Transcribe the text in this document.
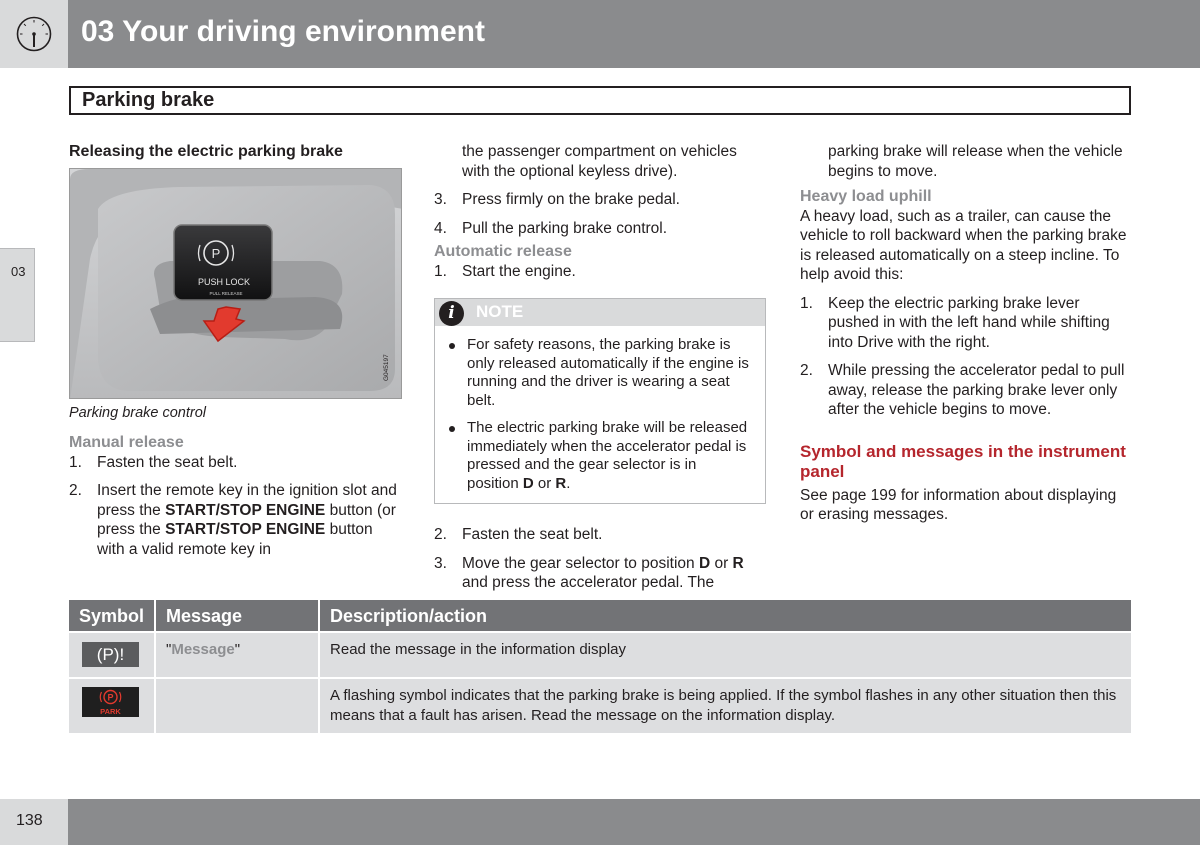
03 Your driving environment
Parking brake
03
Releasing the electric parking brake
P
PUSH LOCK
PULL RELEASE
G045197
Parking brake control
Manual release
1. Fasten the seat belt.
2. Insert the remote key in the ignition slot and press the START/STOP ENGINE button (or press the START/STOP ENGINE button with a valid remote key in
the passenger compartment on vehicles with the optional keyless drive).
3. Press firmly on the brake pedal.
4. Pull the parking brake control.
Automatic release
1. Start the engine.
i	NOTE
For safety reasons, the parking brake is only released automatically if the engine is running and the driver is wearing a seat belt.
The electric parking brake will be released immediately when the accelerator pedal is pressed and the gear selector is in position D or R.
2. Fasten the seat belt.
3. Move the gear selector to position D or R and press the accelerator pedal. The
parking brake will release when the vehicle begins to move.
Heavy load uphill
A heavy load, such as a trailer, can cause the vehicle to roll backward when the parking brake is released automatically on a steep incline. To help avoid this:
1. Keep the electric parking brake lever pushed in with the left hand while shifting into Drive with the right.
2. While pressing the accelerator pedal to pull away, release the parking brake lever only after the vehicle begins to move.
Symbol and messages in the instrument panel
See page 199 for information about displaying or erasing messages.
Symbol	Message	Description/action
(P)!	"Message"	Read the message in the information display

P
PARK		A flashing symbol indicates that the parking brake is being applied. If the symbol flashes in any other situation then this means that a fault has arisen. Read the message on the information display.
138
